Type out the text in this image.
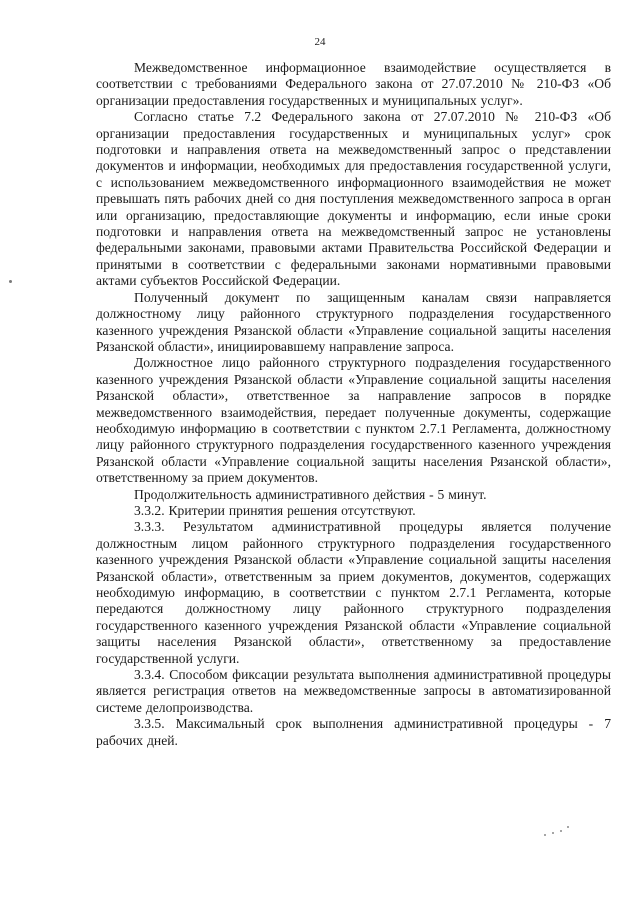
24

Межведомственное информационное взаимодействие осуществляется в соответствии с требованиями Федерального закона от 27.07.2010 № 210-ФЗ «Об организации предоставления государственных и муниципальных услуг».

Согласно статье 7.2 Федерального закона от 27.07.2010 № 210-ФЗ «Об организации предоставления государственных и муниципальных услуг» срок подготовки и направления ответа на межведомственный запрос о представлении документов и информации, необходимых для предоставления государственной услуги, с использованием межведомственного информационного взаимодействия не может превышать пять рабочих дней со дня поступления межведомственного запроса в орган или организацию, предоставляющие документы и информацию, если иные сроки подготовки и направления ответа на межведомственный запрос не установлены федеральными законами, правовыми актами Правительства Российской Федерации и принятыми в соответствии с федеральными законами нормативными правовыми актами субъектов Российской Федерации.

Полученный документ по защищенным каналам связи направляется должностному лицу районного структурного подразделения государственного казенного учреждения Рязанской области «Управление социальной защиты населения Рязанской области», инициировавшему направление запроса.

Должностное лицо районного структурного подразделения государственного казенного учреждения Рязанской области «Управление социальной защиты населения Рязанской области», ответственное за направление запросов в порядке межведомственного взаимодействия, передает полученные документы, содержащие необходимую информацию в соответствии с пунктом 2.7.1 Регламента, должностному лицу районного структурного подразделения государственного казенного учреждения Рязанской области «Управление социальной защиты населения Рязанской области», ответственному за прием документов.

Продолжительность административного действия - 5 минут.

3.3.2. Критерии принятия решения отсутствуют.

3.3.3. Результатом административной процедуры является получение должностным лицом районного структурного подразделения государственного казенного учреждения Рязанской области «Управление социальной защиты населения Рязанской области», ответственным за прием документов, документов, содержащих необходимую информацию, в соответствии с пунктом 2.7.1 Регламента, которые передаются должностному лицу районного структурного подразделения государственного казенного учреждения Рязанской области «Управление социальной защиты населения Рязанской области», ответственному за предоставление государственной услуги.

3.3.4. Способом фиксации результата выполнения административной процедуры является регистрация ответов на межведомственные запросы в автоматизированной системе делопроизводства.

3.3.5. Максимальный срок выполнения административной процедуры - 7 рабочих дней.
